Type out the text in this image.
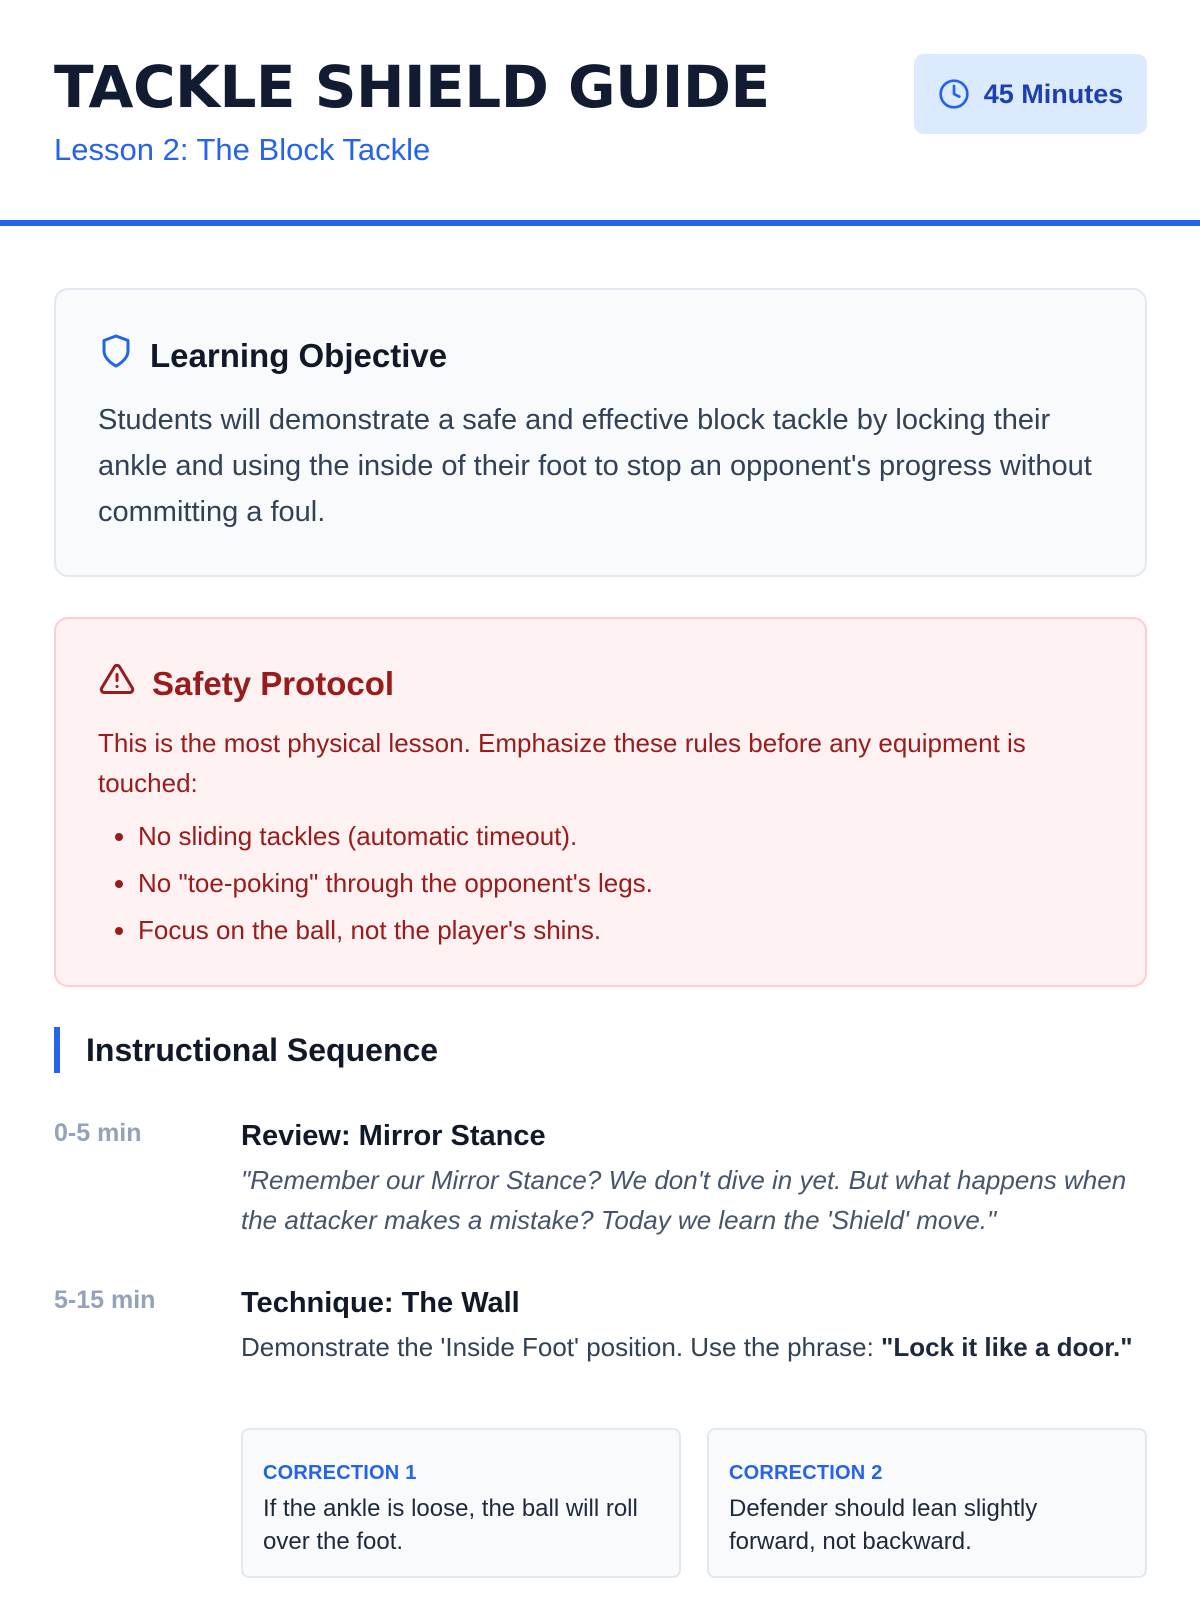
TACKLE SHIELD GUIDE
Lesson 2: The Block Tackle
45 Minutes
Learning Objective

Students will demonstrate a safe and effective block tackle by locking their ankle and using the inside of their foot to stop an opponent's progress without committing a foul.

Safety Protocol

This is the most physical lesson. Emphasize these rules before any equipment is touched:

• No sliding tackles (automatic timeout).
• No "toe-poking" through the opponent's legs.
• Focus on the ball, not the player's shins.
Instructional Sequence
0-5 min	Review: Mirror Stance

"Remember our Mirror Stance? We don't dive in yet. But what happens when the attacker makes a mistake? Today we learn the 'Shield' move."

5-15 min	Technique: The Wall

Demonstrate the 'Inside Foot' position. Use the phrase: "Lock it like a door."

CORRECTION 1
If the ankle is loose, the ball will roll over the foot.
CORRECTION 2
Defender should lean slightly forward, not backward.
